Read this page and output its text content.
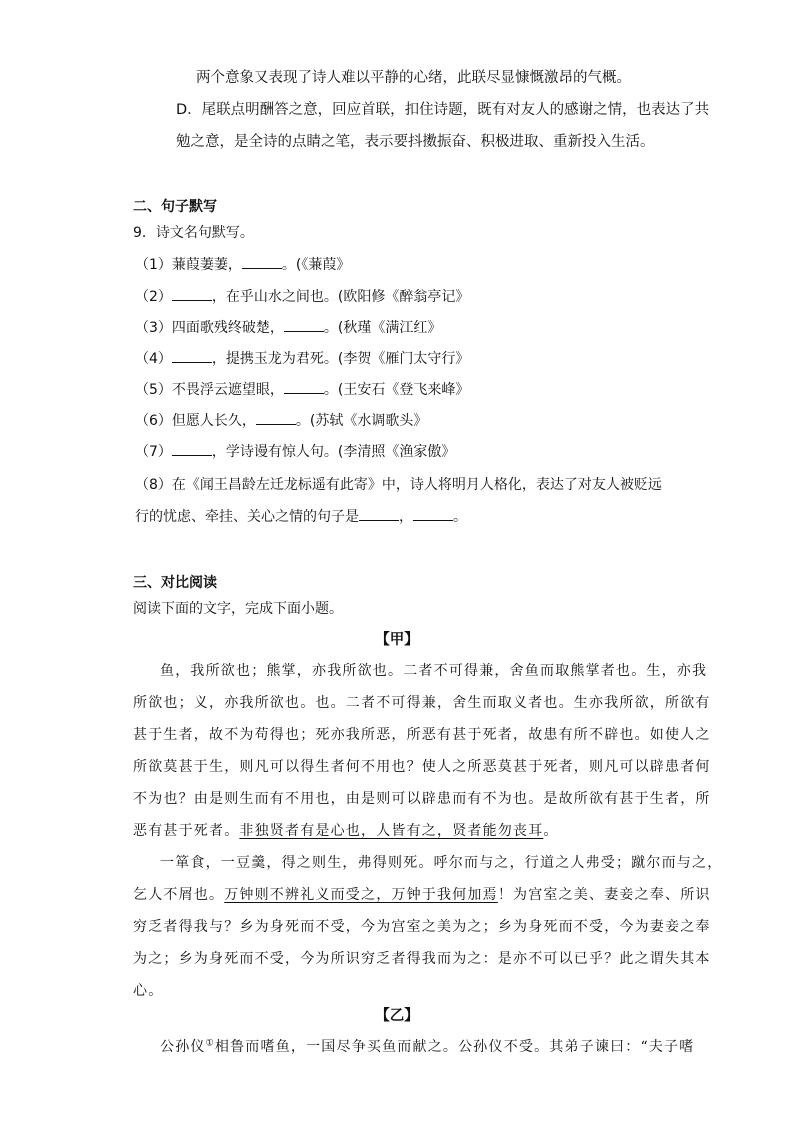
两个意象又表现了诗人难以平静的心绪，此联尽显慷慨激昂的气概。
D．尾联点明酬答之意，回应首联，扣住诗题，既有对友人的感谢之情，也表达了共
勉之意，是全诗的点睛之笔，表示要抖擞振奋、积极进取、重新投入生活。
二、句子默写
9．诗文名句默写。
（1）蒹葭萋萋，	。(《蒹葭》
（2）	，在乎山水之间也。(欧阳修《醉翁亭记》
（3）四面歌残终破楚，	。(秋瑾《满江红》
（4）	，提携玉龙为君死。(李贺《雁门太守行》
（5）不畏浮云遮望眼，	。(王安石《登飞来峰》
（6）但愿人长久，	。(苏轼《水调歌头》
（7）	，学诗谩有惊人句。(李清照《渔家傲》
（8）在《闻王昌龄左迁龙标遥有此寄》中，诗人将明月人格化，表达了对友人被贬远
行的忧虑、牵挂、关心之情的句子是	，	。
三、对比阅读
阅读下面的文字，完成下面小题。
【甲】
鱼，我所欲也；熊掌，亦我所欲也。二者不可得兼，舍鱼而取熊掌者也。生，亦我
所欲也；义，亦我所欲也。也。二者不可得兼，舍生而取义者也。生亦我所欲，所欲有
甚于生者，故不为苟得也；死亦我所恶，所恶有甚于死者，故患有所不辟也。如使人之
所欲莫甚于生，则凡可以得生者何不用也？使人之所恶莫甚于死者，则凡可以辟患者何
不为也？由是则生而有不用也，由是则可以辟患而有不为也。是故所欲有甚于生者，所
恶有甚于死者。非独贤者有是心也，人皆有之，贤者能勿丧耳。
一箪食，一豆羹，得之则生，弗得则死。呼尔而与之，行道之人弗受；蹴尔而与之，
乞人不屑也。万钟则不辨礼义而受之，万钟于我何加焉！为宫室之美、妻妾之奉、所识
穷乏者得我与？乡为身死而不受，今为宫室之美为之；乡为身死而不受，今为妻妾之奉
为之；乡为身死而不受，今为所识穷乏者得我而为之：是亦不可以已乎？此之谓失其本
心。
【乙】
公孙仪①相鲁而嗜鱼，一国尽争买鱼而献之。公孙仪不受。其弟子谏曰：“夫子嗜
